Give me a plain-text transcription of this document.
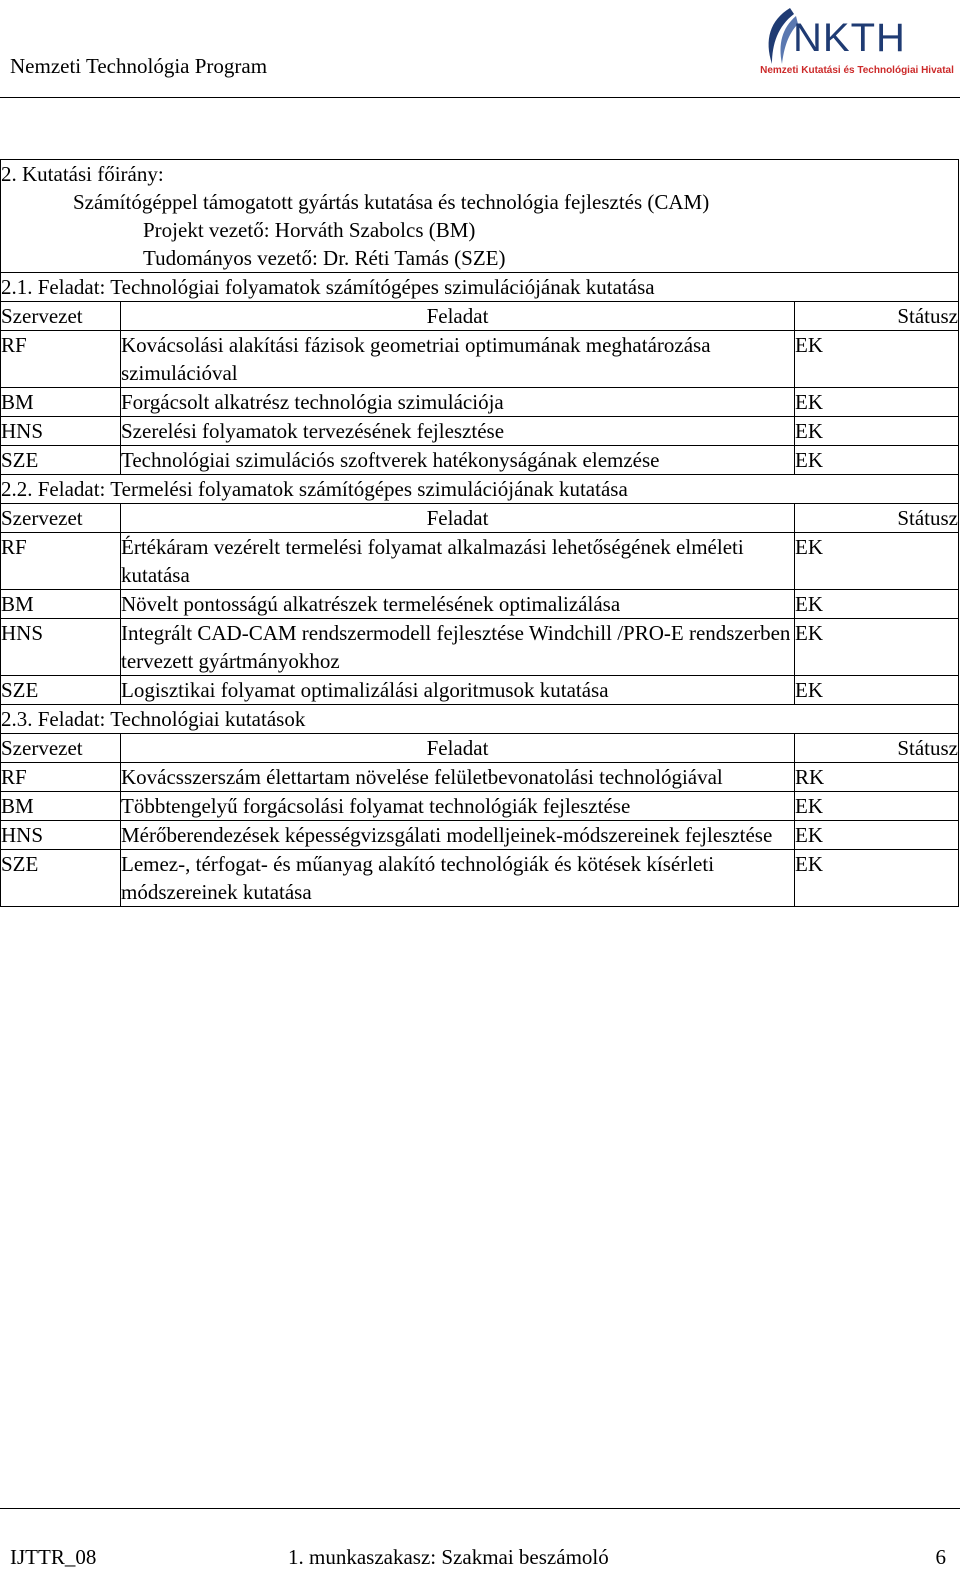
Nemzeti Technológia Program
NKTH
Nemzeti Kutatási és Technológiai Hivatal
2. Kutatási főirány:
Számítógéppel támogatott gyártás kutatása és technológia fejlesztés (CAM)
Projekt vezető: Horváth Szabolcs (BM)
Tudományos vezető: Dr. Réti Tamás (SZE)		

2.1. Feladat: Technológiai folyamatok számítógépes szimulációjának kutatása		
Szervezet	Feladat	Státusz
RF	Kovácsolási alakítási fázisok geometriai optimumának meghatározása szimulációval	EK
BM	Forgácsolt alkatrész technológia szimulációja	EK
HNS	Szerelési folyamatok tervezésének fejlesztése	EK
SZE	Technológiai szimulációs szoftverek hatékonyságának elemzése	EK
2.2. Feladat: Termelési folyamatok számítógépes szimulációjának kutatása		
Szervezet	Feladat	Státusz
RF	Értékáram vezérelt termelési folyamat alkalmazási lehetőségének elméleti kutatása	EK
BM	Növelt pontosságú alkatrészek termelésének optimalizálása	EK
HNS	Integrált CAD-CAM rendszermodell fejlesztése Windchill /PRO-E rendszerben tervezett gyártmányokhoz	EK
SZE	Logisztikai folyamat optimalizálási algoritmusok kutatása	EK
2.3. Feladat: Technológiai kutatások		
Szervezet	Feladat	Státusz
RF	Kovácsszerszám élettartam növelése felületbevonatolási technológiával	RK
BM	Többtengelyű forgácsolási folyamat technológiák fejlesztése	EK
HNS	Mérőberendezések képességvizsgálati modelljeinek-módszereinek fejlesztése	EK
SZE	Lemez-, térfogat- és műanyag alakító technológiák és kötések kísérleti módszereinek kutatása	EK
IJTTR_08	1. munkaszakasz: Szakmai beszámoló	6
